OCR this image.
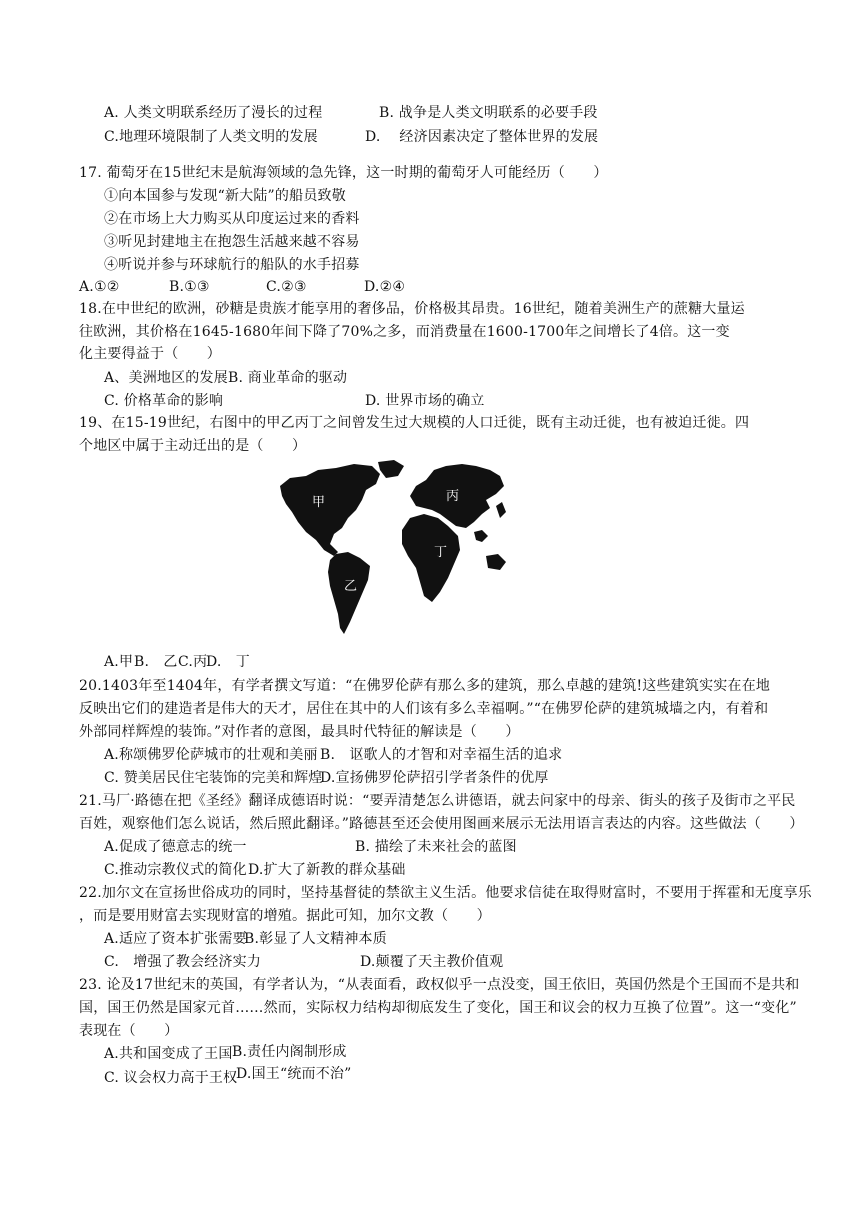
A. 人类文明联系经历了漫长的过程	B. 战争是人类文明联系的必要手段
C.地理环境限制了人类文明的发展	D.　 经济因素决定了整体世界的发展
17. 葡萄牙在15世纪末是航海领域的急先锋，这一时期的葡萄牙人可能经历（　　）
①向本国参与发现“新大陆”的船员致敬
②在市场上大力购买从印度运过来的香料
③听见封建地主在抱怨生活越来越不容易
④听说并参与环球航行的船队的水手招募
A.①②	B.①③	C.②③	D.②④
18.在中世纪的欧洲，砂糖是贵族才能享用的奢侈品，价格极其昂贵。16世纪，随着美洲生产的蔗糖大量运
往欧洲，其价格在1645-1680年间下降了70%之多，而消费量在1600-1700年之间增长了4倍。这一变
化主要得益于（　　）
A、美洲地区的发展 B. 商业革命的驱动
C. 价格革命的影响	D. 世界市场的确立
19、在15-19世纪，右图中的甲乙丙丁之间曾发生过大规模的人口迁徙，既有主动迁徙，也有被迫迁徙。四
个地区中属于主动迁出的是（　　）
甲	丙
丁
乙
A.甲 B.　乙 C.丙
D.　丁
20.1403年至1404年，有学者撰文写道：“在佛罗伦萨有那么多的建筑，那么卓越的建筑!这些建筑实实在在地
反映出它们的建造者是伟大的天才，居住在其中的人们该有多么幸福啊。”“在佛罗伦萨的建筑城墙之内，有着和
外部同样辉煌的装饰。”对作者的意图，最具时代特征的解读是（　　）
A.称颂佛罗伦萨城市的壮观和美丽 B.　讴歌人的才智和对幸福生活的追求
C. 赞美居民住宅装饰的完美和辉煌
D.宣扬佛罗伦萨招引学者条件的优厚
21.马厂·路德在把《圣经》翻译成德语时说：“要弄清楚怎么讲德语，就去问家中的母亲、街头的孩子及街市之平民
百姓，观察他们怎么说话，然后照此翻译。”路德甚至还会使用图画来展示无法用语言表达的内容。这些做法（　　）
A.促成了德意志的统一	B. 描绘了未来社会的蓝图
C.推动宗教仪式的简化 D.扩大了新教的群众基础
22.加尔文在宣扬世俗成功的同时，坚持基督徒的禁欲主义生活。他要求信徒在取得财富时，不要用于挥霍和无度享乐
，而是要用财富去实现财富的增殖。据此可知，加尔文教（　　）
A.适应了资本扩张需要
B.彰显了人文精神本质
C.　增强了教会经济实力	D.颠覆了天主教价值观
23. 论及17世纪末的英国，有学者认为，“从表面看，政权似乎一点没变，国王依旧，英国仍然是个王国而不是共和
国，国王仍然是国家元首……然而，实际权力结构却彻底发生了变化，国王和议会的权力互换了位置”。这一“变化”
表现在（　　）
A.共和国变成了王国 B.责任内阁制形成
C. 议会权力高于王权
D.国王“统而不治”
